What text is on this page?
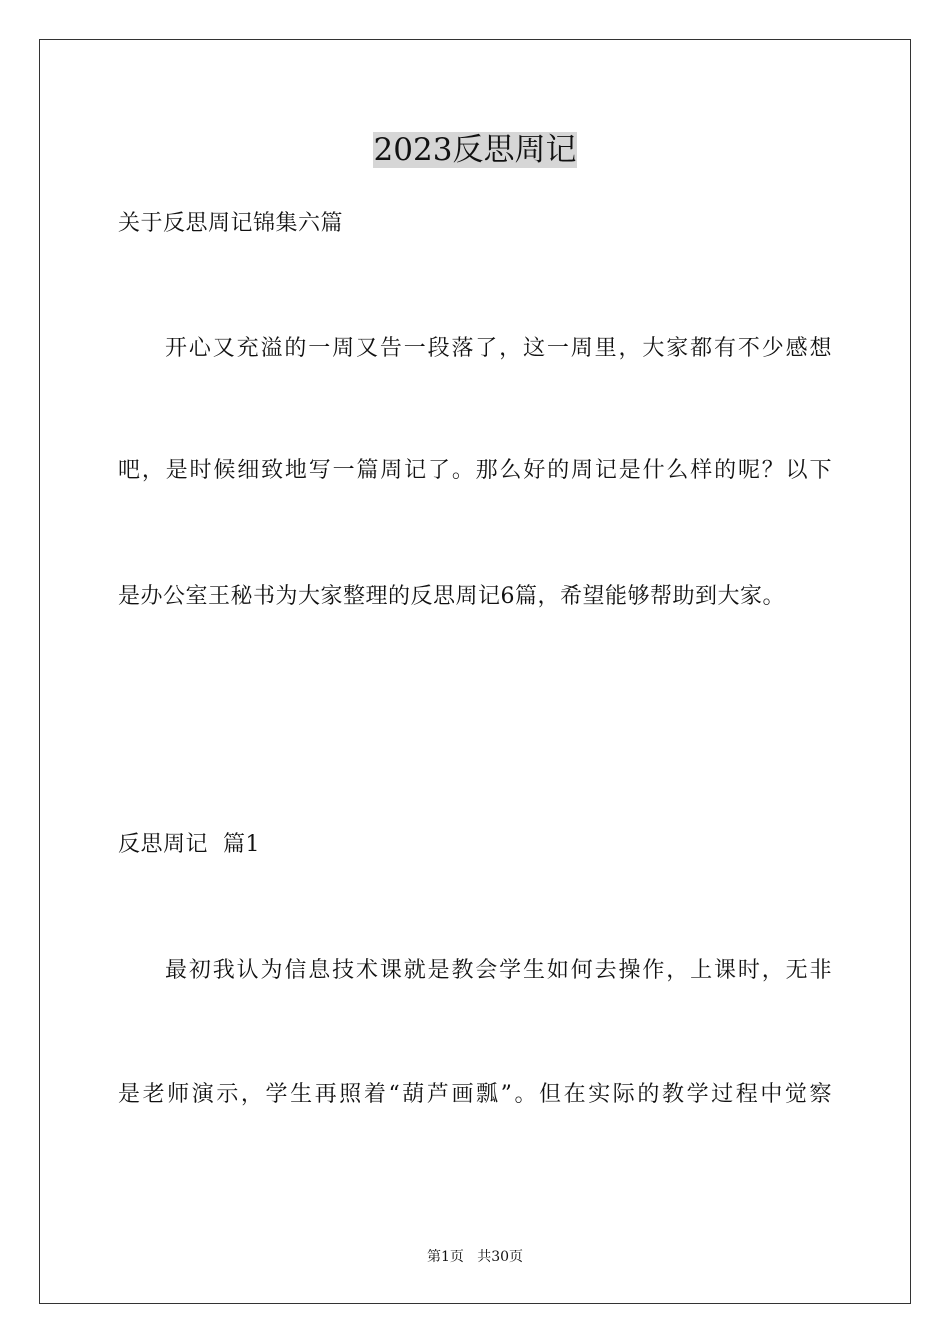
2023反思周记
关于反思周记锦集六篇
开心又充溢的一周又告一段落了，这一周里，大家都有不少感想
吧，是时候细致地写一篇周记了。那么好的周记是什么样的呢？以下
是办公室王秘书为大家整理的反思周记6篇，希望能够帮助到大家。
反思周记  篇1
最初我认为信息技术课就是教会学生如何去操作，上课时，无非
是老师演示，学生再照着“葫芦画瓢”。但在实际的教学过程中觉察
第1页   共30页
